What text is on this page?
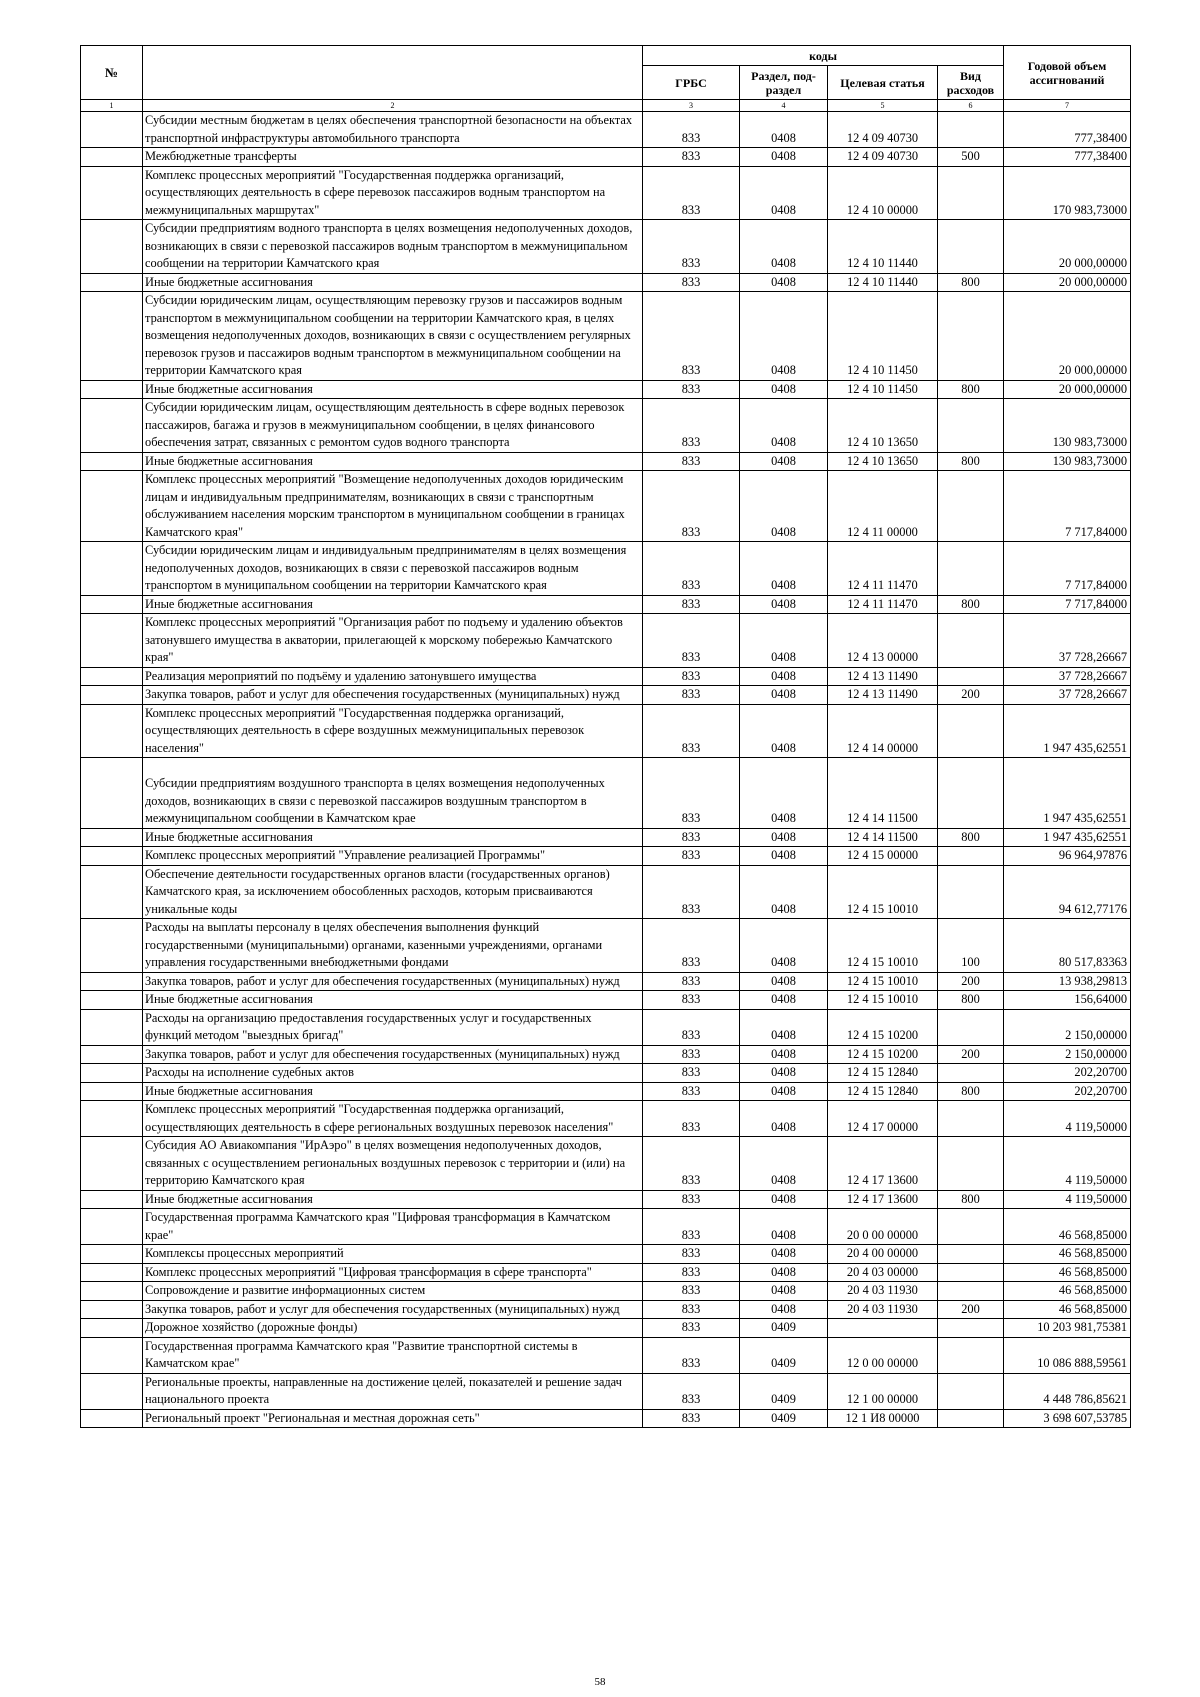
№		коды				Годовой объем ассигнований
		ГРБС	Раздел, под-раздел	Целевая статья	Вид расходов	
1	2	3	4	5	6	7
	Субсидии местным бюджетам в целях обеспечения транспортной безопасности на объектах транспортной инфраструктуры автомобильного транспорта	833	0408	12 4 09 40730		777,38400
	Межбюджетные трансферты	833	0408	12 4 09 40730	500	777,38400
	Комплекс процессных мероприятий "Государственная поддержка организаций, осуществляющих деятельность в сфере перевозок пассажиров водным транспортом на межмуниципальных маршрутах"	833	0408	12 4 10 00000		170 983,73000
	Субсидии предприятиям водного транспорта в целях возмещения недополученных доходов, возникающих в связи с перевозкой пассажиров водным транспортом в межмуниципальном сообщении на территории Камчатского края	833	0408	12 4 10 11440		20 000,00000
	Иные бюджетные ассигнования	833	0408	12 4 10 11440	800	20 000,00000
	Субсидии юридическим лицам, осуществляющим перевозку грузов и пассажиров водным транспортом в межмуниципальном сообщении на территории Камчатского края, в целях возмещения недополученных доходов, возникающих в связи с осуществлением регулярных перевозок грузов и пассажиров водным транспортом в межмуниципальном сообщении на территории Камчатского края	833	0408	12 4 10 11450		20 000,00000
	Иные бюджетные ассигнования	833	0408	12 4 10 11450	800	20 000,00000
	Субсидии юридическим лицам, осуществляющим деятельность в сфере водных перевозок пассажиров, багажа и грузов в межмуниципальном сообщении, в целях финансового обеспечения затрат, связанных с ремонтом судов водного транспорта	833	0408	12 4 10 13650		130 983,73000
	Иные бюджетные ассигнования	833	0408	12 4 10 13650	800	130 983,73000
	Комплекс процессных мероприятий "Возмещение недополученных доходов юридическим лицам и индивидуальным предпринимателям, возникающих в связи с транспортным обслуживанием населения морским транспортом в муниципальном сообщении в границах Камчатского края"	833	0408	12 4 11 00000		7 717,84000
	Субсидии юридическим лицам и индивидуальным предпринимателям в целях возмещения недополученных доходов, возникающих в связи с перевозкой пассажиров водным транспортом в муниципальном сообщении на территории Камчатского края	833	0408	12 4 11 11470		7 717,84000
	Иные бюджетные ассигнования	833	0408	12 4 11 11470	800	7 717,84000
	Комплекс процессных мероприятий "Организация работ по подъему и удалению объектов затонувшего имущества в акватории, прилегающей к морскому побережью Камчатского края"	833	0408	12 4 13 00000		37 728,26667
	Реализация мероприятий по подъёму и удалению затонувшего имущества	833	0408	12 4 13 11490		37 728,26667
	Закупка товаров, работ и услуг для обеспечения государственных (муниципальных) нужд	833	0408	12 4 13 11490	200	37 728,26667
	Комплекс процессных мероприятий "Государственная поддержка организаций, осуществляющих деятельность в сфере воздушных межмуниципальных перевозок населения"	833	0408	12 4 14 00000		1 947 435,62551
	Субсидии предприятиям воздушного транспорта в целях возмещения недополученных доходов, возникающих в связи с перевозкой пассажиров воздушным транспортом в межмуниципальном сообщении в Камчатском крае	833	0408	12 4 14 11500		1 947 435,62551
	Иные бюджетные ассигнования	833	0408	12 4 14 11500	800	1 947 435,62551
	Комплекс процессных мероприятий "Управление реализацией Программы"	833	0408	12 4 15 00000		96 964,97876
	Обеспечение деятельности государственных органов власти (государственных органов) Камчатского края, за исключением обособленных расходов, которым присваиваются уникальные коды	833	0408	12 4 15 10010		94 612,77176
	Расходы на выплаты персоналу в целях обеспечения выполнения функций государственными (муниципальными) органами, казенными учреждениями, органами управления государственными внебюджетными фондами	833	0408	12 4 15 10010	100	80 517,83363
	Закупка товаров, работ и услуг для обеспечения государственных (муниципальных) нужд	833	0408	12 4 15 10010	200	13 938,29813
	Иные бюджетные ассигнования	833	0408	12 4 15 10010	800	156,64000
	Расходы на организацию предоставления государственных услуг и государственных функций методом "выездных бригад"	833	0408	12 4 15 10200		2 150,00000
	Закупка товаров, работ и услуг для обеспечения государственных (муниципальных) нужд	833	0408	12 4 15 10200	200	2 150,00000
	Расходы на исполнение судебных актов	833	0408	12 4 15 12840		202,20700
	Иные бюджетные ассигнования	833	0408	12 4 15 12840	800	202,20700
	Комплекс процессных мероприятий "Государственная поддержка организаций, осуществляющих деятельность в сфере региональных воздушных перевозок населения"	833	0408	12 4 17 00000		4 119,50000
	Субсидия АО Авиакомпания "ИрАэро" в целях возмещения недополученных доходов, связанных с осуществлением региональных воздушных перевозок с территории и (или) на территорию Камчатского края	833	0408	12 4 17 13600		4 119,50000
	Иные бюджетные ассигнования	833	0408	12 4 17 13600	800	4 119,50000
	Государственная программа Камчатского края "Цифровая трансформация в Камчатском крае"	833	0408	20 0 00 00000		46 568,85000
	Комплексы процессных мероприятий	833	0408	20 4 00 00000		46 568,85000
	Комплекс процессных мероприятий "Цифровая трансформация в сфере транспорта"	833	0408	20 4 03 00000		46 568,85000
	Сопровождение и развитие информационных систем	833	0408	20 4 03 11930		46 568,85000
	Закупка товаров, работ и услуг для обеспечения государственных (муниципальных) нужд	833	0408	20 4 03 11930	200	46 568,85000
	Дорожное хозяйство (дорожные фонды)	833	0409			10 203 981,75381
	Государственная программа Камчатского края "Развитие транспортной системы в Камчатском крае"	833	0409	12 0 00 00000		10 086 888,59561
	Региональные проекты, направленные на достижение целей, показателей и решение задач национального проекта	833	0409	12 1 00 00000		4 448 786,85621
	Региональный проект "Региональная и местная дорожная сеть"	833	0409	12 1 И8 00000		3 698 607,53785
58
